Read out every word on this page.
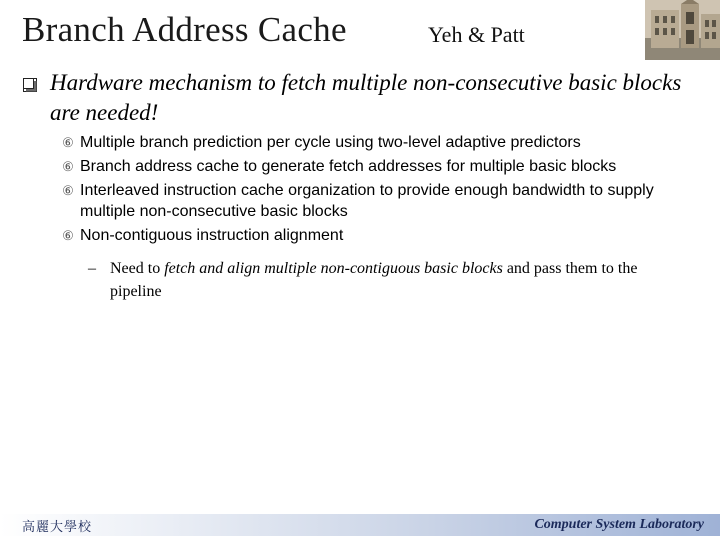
Branch Address Cache	Yeh & Patt
Hardware mechanism to fetch multiple non-consecutive basic blocks are needed!
⑥ Multiple branch prediction per cycle using two-level adaptive predictors
⑥ Branch address cache to generate fetch addresses for multiple basic blocks
⑥ Interleaved instruction cache organization to provide enough bandwidth to supply multiple non-consecutive basic blocks
⑥ Non-contiguous instruction alignment
– Need to fetch and align multiple non-contiguous basic blocks and pass them to the pipeline
高麗大學校	Computer System Laboratory
